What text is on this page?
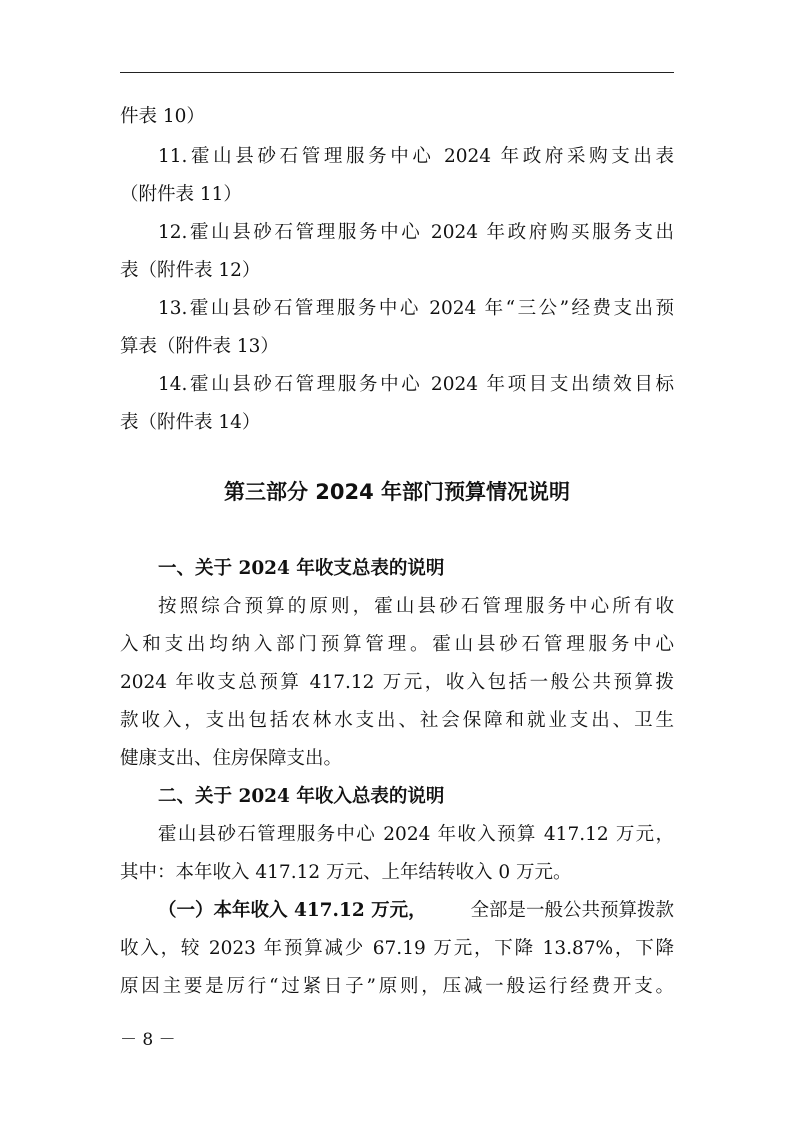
件表 10）
11.霍山县砂石管理服务中心 2024 年政府采购支出表
（附件表 11）
12.霍山县砂石管理服务中心 2024 年政府购买服务支出
表（附件表 12）
13.霍山县砂石管理服务中心 2024 年“三公”经费支出预
算表（附件表 13）
14.霍山县砂石管理服务中心 2024 年项目支出绩效目标
表（附件表 14）
第三部分 2024 年部门预算情况说明
一、关于 2024 年收支总表的说明
按照综合预算的原则，霍山县砂石管理服务中心所有收
入和支出均纳入部门预算管理。霍山县砂石管理服务中心
2024 年收支总预算 417.12 万元，收入包括一般公共预算拨
款收入，支出包括农林水支出、社会保障和就业支出、卫生
健康支出、住房保障支出。
二、关于 2024 年收入总表的说明
霍山县砂石管理服务中心 2024 年收入预算 417.12 万元，
其中：本年收入 417.12 万元、上年结转收入 0 万元。
（一）本年收入 417.12 万元， 全部是一般公共预算拨款
收入，较 2023 年预算减少 67.19 万元，下降 13.87%，下降
原因主要是厉行“过紧日子”原则，压减一般运行经费开支。
－ 8 －
